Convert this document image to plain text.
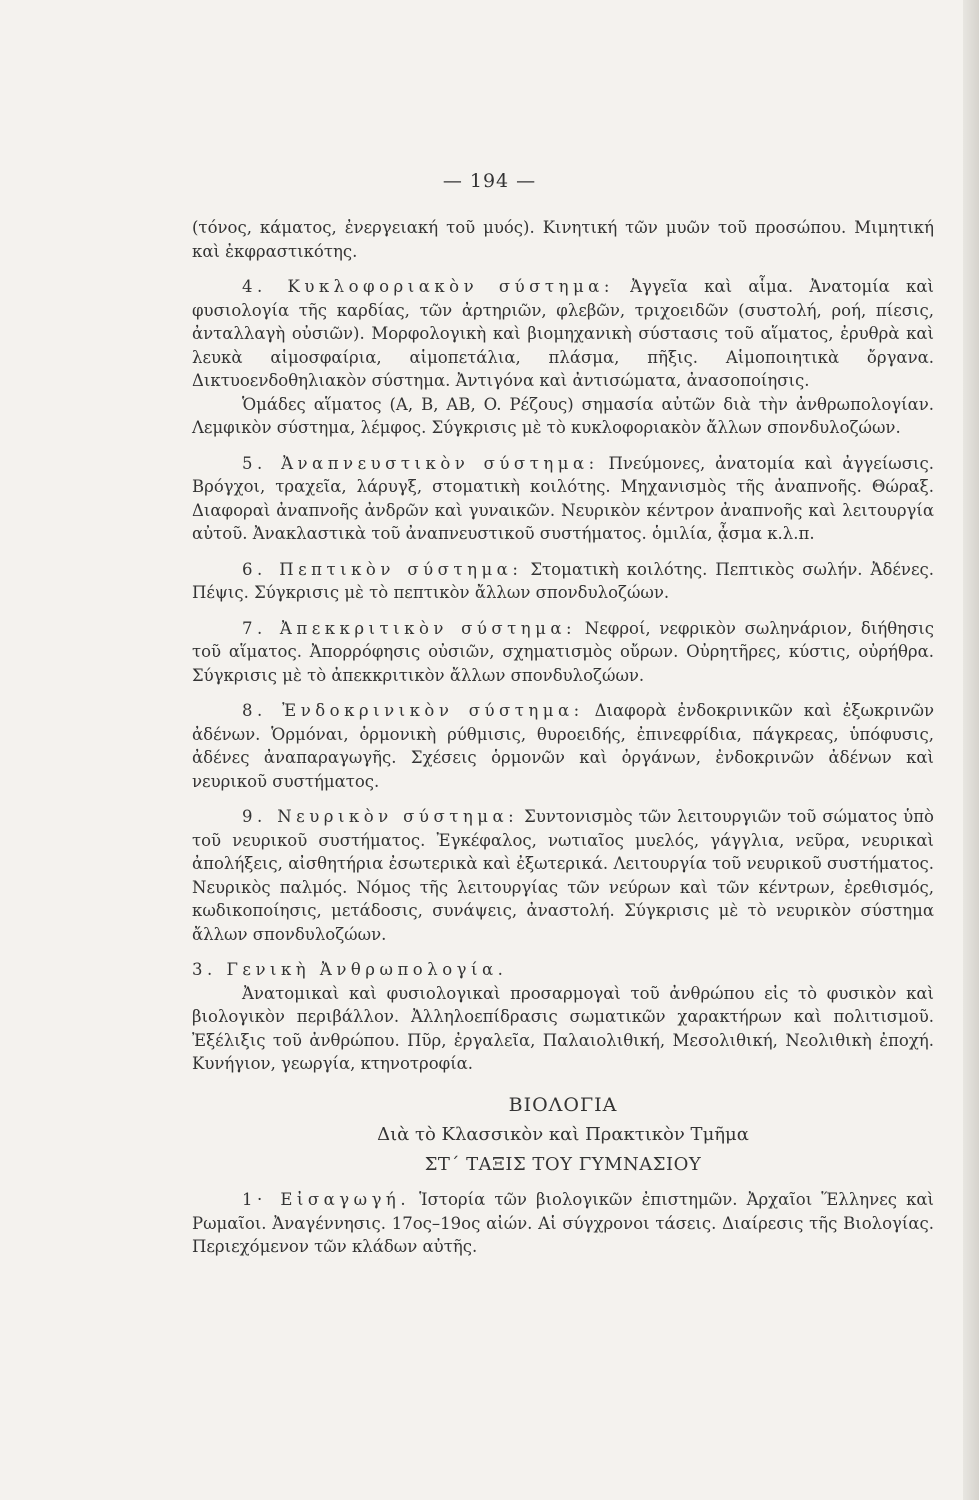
— 194 —

(τόνος, κάματος, ἐνεργειακή τοῦ μυός). Κινητική τῶν μυῶν τοῦ προσώπου. Μιμητική καὶ ἐκφραστικότης.

4. Κυκλοφοριακὸν σύστημα: Ἀγγεῖα καὶ αἷμα. Ἀνατομία καὶ φυσιολογία τῆς καρδίας, τῶν ἀρτηριῶν, φλεβῶν, τριχοειδῶν (συστολή, ροή, πίεσις, ἀνταλλαγὴ οὐσιῶν). Μορφολογικὴ καὶ βιομηχανικὴ σύστασις τοῦ αἵματος, ἐρυθρὰ καὶ λευκὰ αἱμοσφαίρια, αἱμοπετάλια, πλάσμα, πῆξις. Αἱμοποιητικὰ ὄργανα. Δικτυοενδοθηλιακὸν σύστημα. Ἀντιγόνα καὶ ἀντισώματα, ἀνασοποίησις.

Ὁμάδες αἵματος (A, B, AB, O. Ρέζους) σημασία αὐτῶν διὰ τὴν ἀνθρωπολογίαν. Λεμφικὸν σύστημα, λέμφος. Σύγκρισις μὲ τὸ κυκλοφοριακὸν ἄλλων σπονδυλοζώων.

5. Ἀναπνευστικὸν σύστημα: Πνεύμονες, ἀνατομία καὶ ἀγγείωσις. Βρόγχοι, τραχεῖα, λάρυγξ, στοματικὴ κοιλότης. Μηχανισμὸς τῆς ἀναπνοῆς. Θώραξ. Διαφοραὶ ἀναπνοῆς ἀνδρῶν καὶ γυναικῶν. Νευρικὸν κέντρον ἀναπνοῆς καὶ λειτουργία αὐτοῦ. Ἀνακλαστικὰ τοῦ ἀναπνευστικοῦ συστήματος. ὁμιλία, ᾆσμα κ.λ.π.

6. Πεπτικὸν σύστημα: Στοματικὴ κοιλότης. Πεπτικὸς σωλήν. Ἀδένες. Πέψις. Σύγκρισις μὲ τὸ πεπτικὸν ἄλλων σπονδυλοζώων.

7. Ἀπεκκριτικὸν σύστημα: Νεφροί, νεφρικὸν σωληνάριον, διήθησις τοῦ αἵματος. Ἀπορρόφησις οὐσιῶν, σχηματισμὸς οὔρων. Οὐρητῆρες, κύστις, οὐρήθρα. Σύγκρισις μὲ τὸ ἀπεκκριτικὸν ἄλλων σπονδυλοζώων.

8. Ἐνδοκρινικὸν σύστημα: Διαφορὰ ἐνδοκρινικῶν καὶ ἐξωκρινῶν ἀδένων. Ὁρμόναι, ὁρμονικὴ ρύθμισις, θυροειδής, ἐπινεφρίδια, πάγκρεας, ὑπόφυσις, ἀδένες ἀναπαραγωγῆς. Σχέσεις ὁρμονῶν καὶ ὀργάνων, ἐνδοκρινῶν ἀδένων καὶ νευρικοῦ συστήματος.

9. Νευρικὸν σύστημα: Συντονισμὸς τῶν λειτουργιῶν τοῦ σώματος ὑπὸ τοῦ νευρικοῦ συστήματος. Ἐγκέφαλος, νωτιαῖος μυελός, γάγγλια, νεῦρα, νευρικαὶ ἀπολήξεις, αἰσθητήρια ἐσωτερικὰ καὶ ἐξωτερικά. Λειτουργία τοῦ νευρικοῦ συστήματος. Νευρικὸς παλμός. Νόμος τῆς λειτουργίας τῶν νεύρων καὶ τῶν κέντρων, ἐρεθισμός, κωδικοποίησις, μετάδοσις, συνάψεις, ἀναστολή. Σύγκρισις μὲ τὸ νευρικὸν σύστημα ἄλλων σπονδυλοζώων.

3. Γενικὴ Ἀνθρωπολογία.

Ἀνατομικαὶ καὶ φυσιολογικαὶ προσαρμογαὶ τοῦ ἀνθρώπου εἰς τὸ φυσικὸν καὶ βιολογικὸν περιβάλλον. Ἀλληλοεπίδρασις σωματικῶν χαρακτήρων καὶ πολιτισμοῦ. Ἐξέλιξις τοῦ ἀνθρώπου. Πῦρ, ἐργαλεῖα, Παλαιολιθική, Μεσολιθική, Νεολιθικὴ ἐποχή. Κυνήγιον, γεωργία, κτηνοτροφία.

ΒΙΟΛΟΓΙΑ

Διὰ τὸ Κλασσικὸν καὶ Πρακτικὸν Τμῆμα

ΣΤ΄ ΤΑΞΙΣ ΤΟΥ ΓΥΜΝΑΣΙΟΥ

1· Εἰσαγωγή. Ἱστορία τῶν βιολογικῶν ἐπιστημῶν. Ἀρχαῖοι Ἕλληνες καὶ Ρωμαῖοι. Ἀναγέννησις. 17ος–19ος αἰών. Αἱ σύγχρονοι τάσεις. Διαίρεσις τῆς Βιολογίας. Περιεχόμενον τῶν κλάδων αὐτῆς.
